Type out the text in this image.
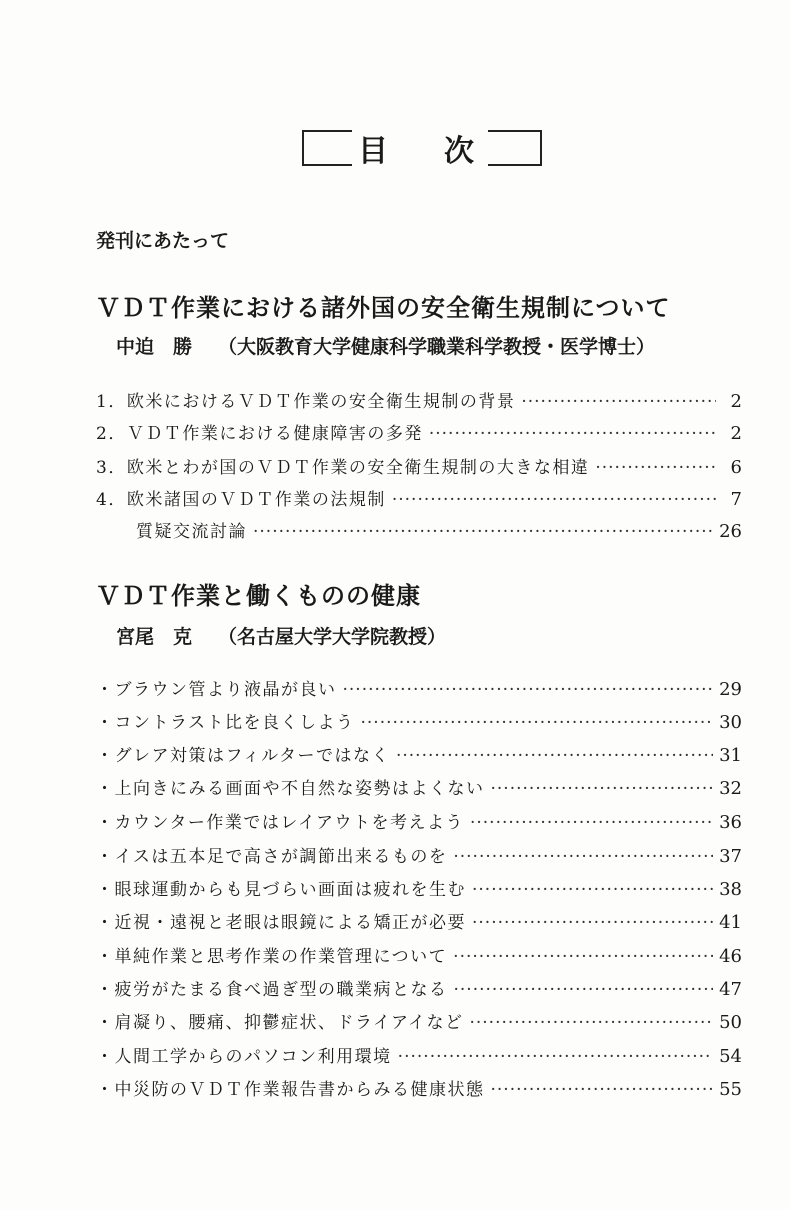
目 次
発刊にあたって
ＶＤＴ作業における諸外国の安全衛生規制について
中迫　勝 （大阪教育大学健康科学職業科学教授・医学博士）
1．欧米におけるＶＤＴ作業の安全衛生規制の背景 ·····	2
2．ＶＤＴ作業における健康障害の多発 ·····	2
3．欧米とわが国のＶＤＴ作業の安全衛生規制の大きな相違 ·····	6
4．欧米諸国のＶＤＴ作業の法規制 ·····	7
質疑交流討論 ·····	26
ＶＤＴ作業と働くものの健康
宮尾　克 （名古屋大学大学院教授）
・ブラウン管より液晶が良い ·····	29
・コントラスト比を良くしよう ·····	30
・グレア対策はフィルターではなく ·····	31
・上向きにみる画面や不自然な姿勢はよくない ·····	32
・カウンター作業ではレイアウトを考えよう ·····	36
・イスは五本足で高さが調節出来るものを ·····	37
・眼球運動からも見づらい画面は疲れを生む ·····	38
・近視・遠視と老眼は眼鏡による矯正が必要 ·····	41
・単純作業と思考作業の作業管理について ·····	46
・疲労がたまる食べ過ぎ型の職業病となる ·····	47
・肩凝り、腰痛、抑鬱症状、ドライアイなど ·····	50
・人間工学からのパソコン利用環境 ·····	54
・中災防のＶＤＴ作業報告書からみる健康状態 ·····	55
